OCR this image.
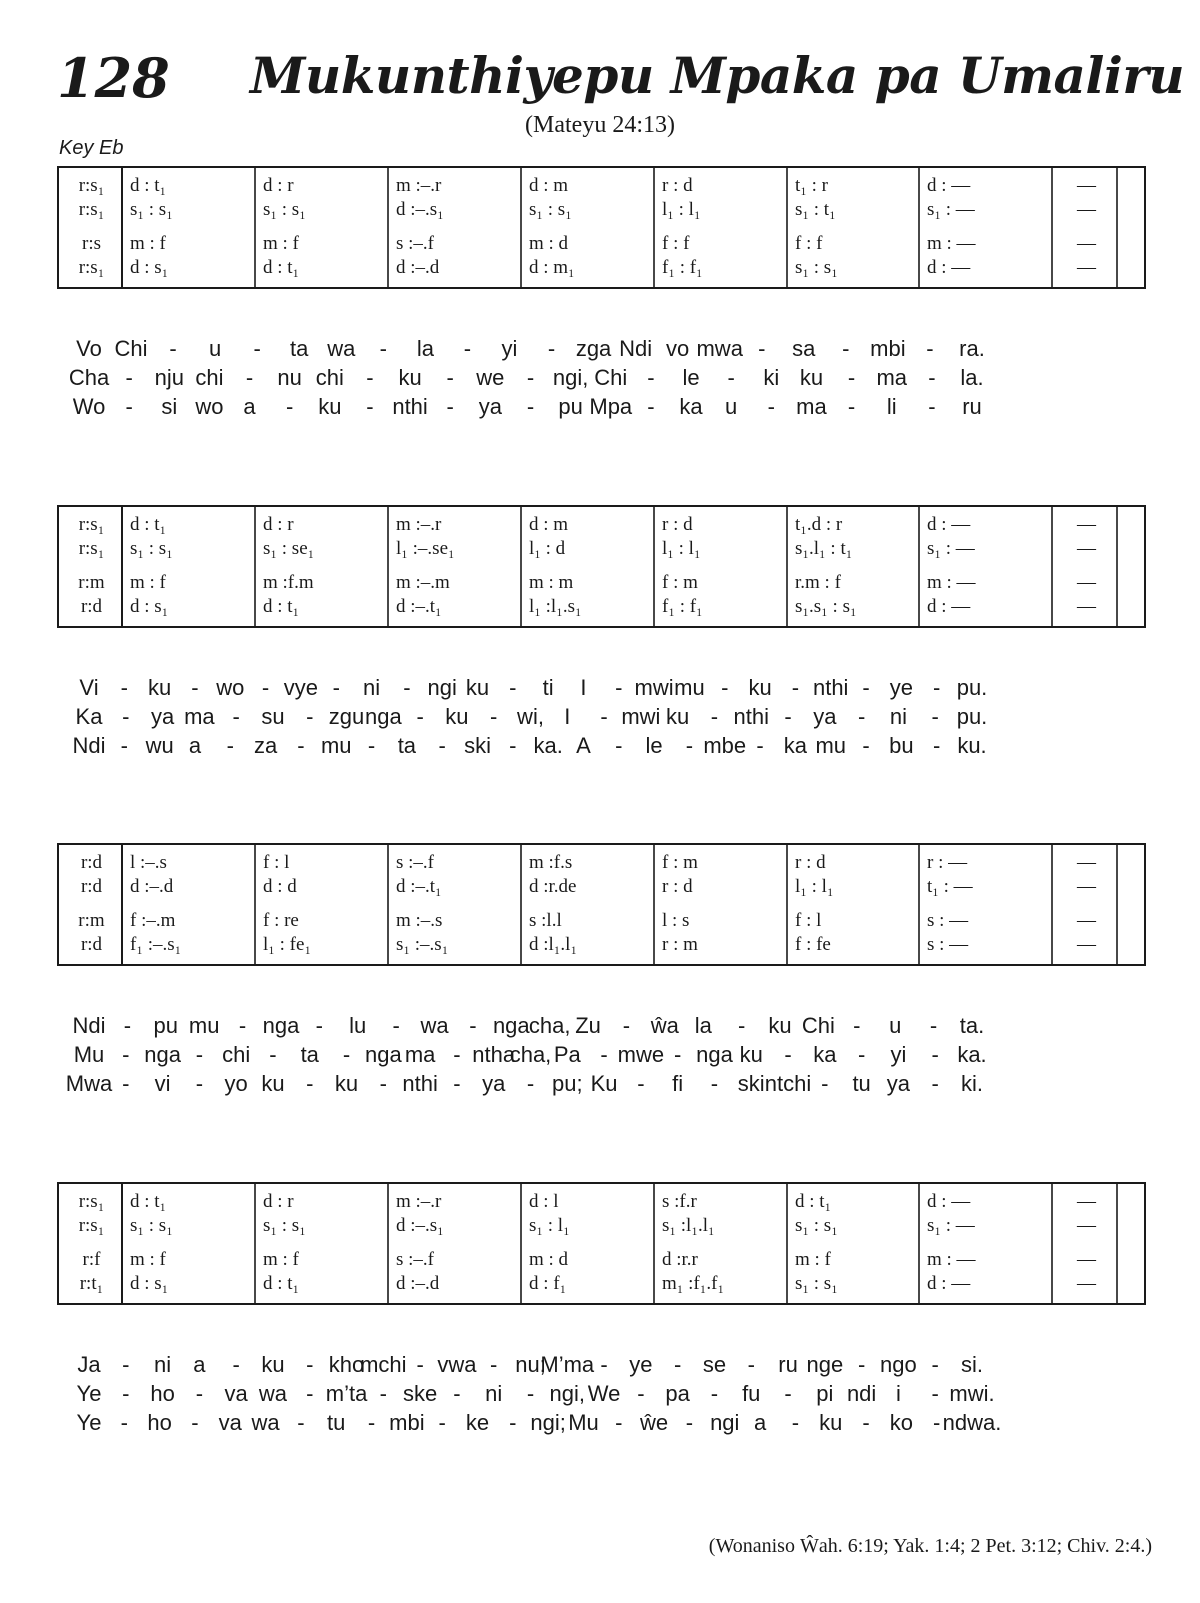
128 Mukunthiyepu Mpaka pa Umaliru
(Mateyu 24:13)
Key Eb
r:s₁
r:s₁
r:s
r:s₁
d : t₁
s₁ : s₁
m : f
d : s₁
d : r
s₁ : s₁
m : f
d : t₁
m :–.r
d :–.s₁
s :–.f
d :–.d
d : m
s₁ : s₁
m : d
d : m₁
r : d
l₁ : l₁
f : f
f₁ : f₁
t₁ : r
s₁ : t₁
f : f
s₁ : s₁
d : —
s₁ : —
m : —
d : —
—
—
—
—
Vo Chi - u - ta wa - la - yi - zga Ndi vo mwa - sa - mbi - ra.
Cha - nju chi - nu chi - ku - we - ngi, Chi - le - ki ku - ma - la.
Wo - si wo a - ku - nthi - ya - pu Mpa - ka u - ma - li - ru
r:s₁
r:s₁
r:m
r:d
d : t₁
s₁ : s₁
m : f
d : s₁
d : r
s₁ : se₁
m :f.m
d : t₁
m :–.r
l₁ :–.se₁
m :–.m
d :–.t₁
d : m
l₁ : d
m : m
l₁ :l₁.s₁
r : d
l₁ : l₁
f : m
f₁ : f₁
t₁.d : r
s₁.l₁ : t₁
r.m : f
s₁.s₁ : s₁
d : —
s₁ : —
m : —
d : —
—
—
—
—
Vi - ku - wo - vye - ni - ngi ku - ti I - mwi mu - ku - nthi - ye - pu.
Ka - ya ma - su - zgu nga - ku - wi, I - mwi ku - nthi - ya - ni - pu.
Ndi - wu a - za - mu - ta - ski - ka. A - le - mbe - ka mu - bu - ku.
r:d
r:d
r:m
r:d
l :–.s
d :–.d
f :–.m
f₁ :–.s₁
f : l
d : d
f : re
l₁ : fe₁
s :–.f
d :–.t₁
m :–.s
s₁ :–.s₁
m :f.s
d :r.de
s :l.l
d :l₁.l₁
f : m
r : d
l : s
r : m
r : d
l₁ : l₁
f : l
f : fe
r : —
t₁ : —
s : —
s : —
—
—
—
—
Ndi - pu mu - nga - lu - wa - nga cha, Zu - ŵa la - ku Chi - u - ta.
Mu - nga - chi - ta - nga ma - ntha
cha, Pa - mwe - nga ku - ka - yi - ka.
Mwa - vi - yo ku - ku - nthi - ya - pu; Ku - fi - ski ntchi - tu ya - ki.
r:s₁
r:s₁
r:f
r:t₁
d : t₁
s₁ : s₁
m : f
d : s₁
d : r
s₁ : s₁
m : f
d : t₁
m :–.r
d :–.s₁
s :–.f
d :–.d
d : l
s₁ : l₁
m : d
d : f₁
s :f.r
s₁ :l₁.l₁
d :r.r
m₁ :f₁.f₁
d : t₁
s₁ : s₁
m : f
s₁ : s₁
d : —
s₁ : —
m : —
d : —
—
—
—
—
Ja - ni a - ku - kho
mchi - vwa - nu;
M’ma - ye - se - ru nge - ngo - si.
Ye - ho - va wa - m’ta - ske - ni - ngi, We - pa - fu - pi ndi i - mwi.
Ye - ho - va wa - tu - mbi - ke - ngi; Mu - ŵe - ngi a - ku - ko - ndwa.
(Wonaniso Ŵah. 6:19; Yak. 1:4; 2 Pet. 3:12; Chiv. 2:4.)
